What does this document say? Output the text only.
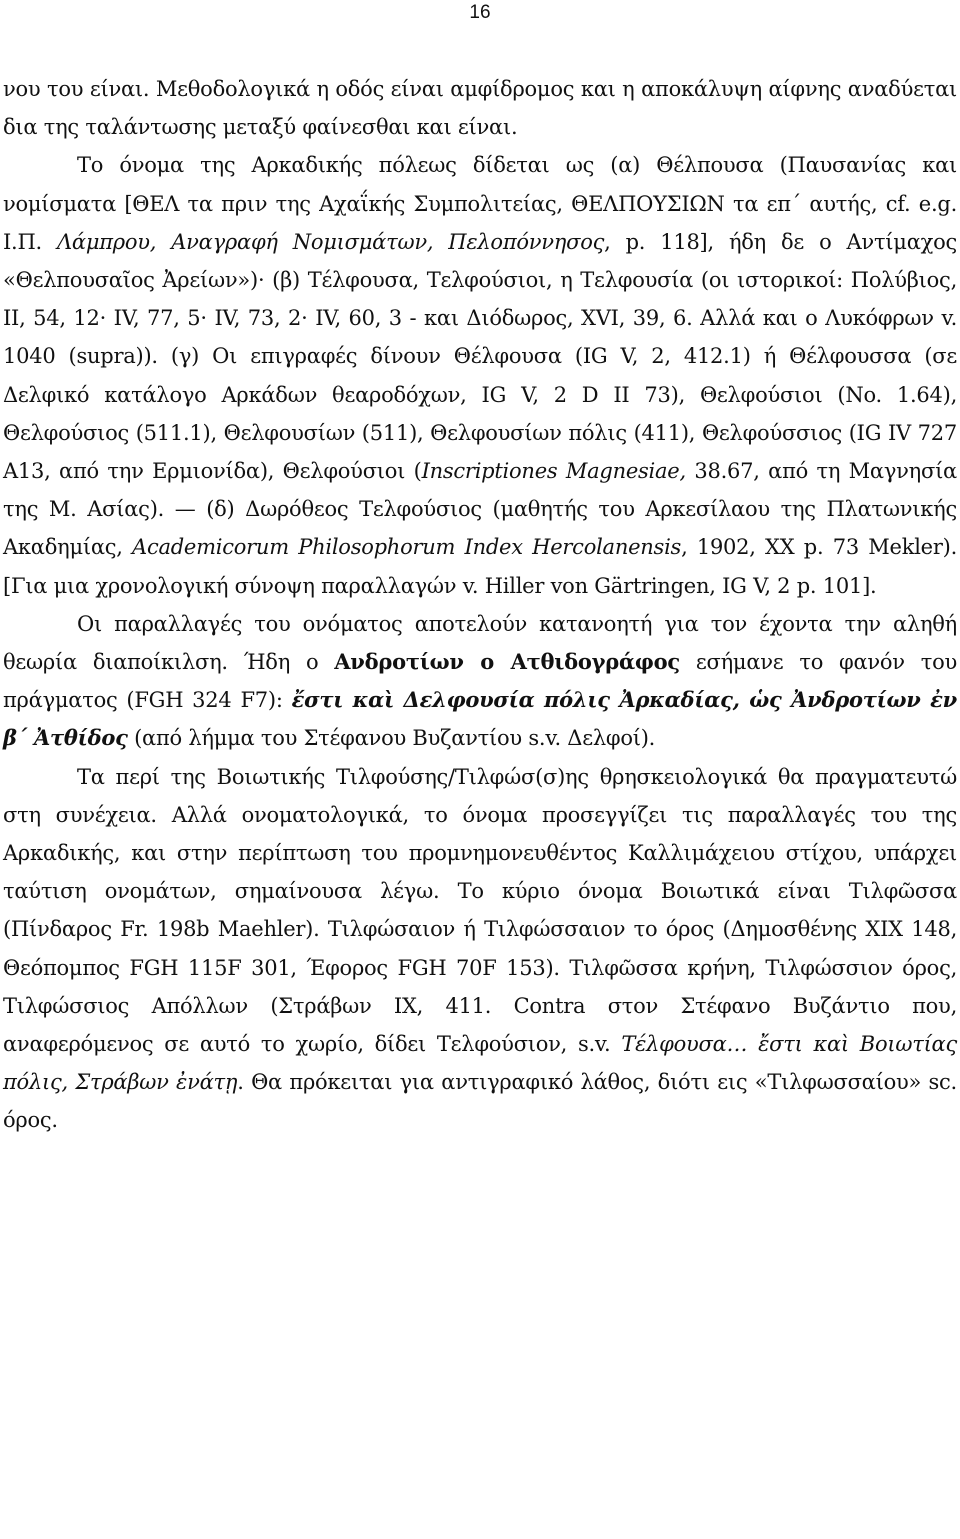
16

νου του είναι. Μεθοδολογικά η οδός είναι αμφίδρομος και η αποκάλυψη αίφνης αναδύεται δια της ταλάντωσης μεταξύ φαίνεσθαι και είναι.

Το όνομα της Αρκαδικής πόλεως δίδεται ως (α) Θέλπουσα (Παυσανίας και νομίσματα [ΘΕΛ τα πριν της Αχαΐκής Συμπολιτείας, ΘΕΛΠΟΥΣΙΩΝ τα επ΄ αυτής, cf. e.g. Ι.Π. Λάμπρου, Αναγραφή Νομισμάτων, Πελοπόννησος, p. 118], ήδη δε ο Αντίμαχος «Θελπουσαῖος Ἀρείων»)· (β) Τέλφουσα, Τελφούσιοι, η Τελφουσία (οι ιστορικοί: Πολύβιος, II, 54, 12· IV, 77, 5· IV, 73, 2· IV, 60, 3 - και Διόδωρος, XVI, 39, 6. Αλλά και ο Λυκόφρων v. 1040 (supra)). (γ) Οι επιγραφές δίνουν Θέλφουσα (IG V, 2, 412.1) ή Θέλφουσσα (σε Δελφικό κατάλογο Αρκάδων θεαροδόχων, IG V, 2 D II 73), Θελφούσιοι (No. 1.64), Θελφούσιος (511.1), Θελφουσίων (511), Θελφουσίων πόλις (411), Θελφούσσιος (IG IV 727 A13, από την Ερμιονίδα), Θελφούσιοι (Inscriptiones Magnesiae, 38.67, από τη Μαγνησία της Μ. Ασίας). — (δ) Δωρόθεος Τελφούσιος (μαθητής του Αρκεσίλαου της Πλατωνικής Ακαδημίας, Academicorum Philosophorum Index Hercolanensis, 1902, XX p. 73 Mekler). [Για μια χρονολογική σύνοψη παραλλαγών v. Hiller von Gärtringen, IG V, 2 p. 101].

Οι παραλλαγές του ονόματος αποτελούν κατανοητή για τον έχοντα την αληθή θεωρία διαποίκιλση. Ήδη ο Ανδροτίων ο Ατθιδογράφος εσήμανε το φανόν του πράγματος (FGH 324 F7): ἔστι καὶ Δελφουσία πόλις Ἀρκαδίας, ὡς Ἀνδροτίων ἐν β΄ Ἀτθίδος (από λήμμα του Στέφανου Βυζαντίου s.v. Δελφοί).

Τα περί της Βοιωτικής Τιλφούσης/Τιλφώσ(σ)ης θρησκειολογικά θα πραγματευτώ στη συνέχεια. Αλλά ονοματολογικά, το όνομα προσεγγίζει τις παραλλαγές του της Αρκαδικής, και στην περίπτωση του προμνημονευθέντος Καλλιμάχειου στίχου, υπάρχει ταύτιση ονομάτων, σημαίνουσα λέγω. Το κύριο όνομα Βοιωτικά είναι Τιλφῶσσα (Πίνδαρος Fr. 198b Maehler). Τιλφώσαιον ή Τιλφώσσαιον το όρος (Δημοσθένης XIX 148, Θεόπομπος FGH 115F 301, Έφορος FGH 70F 153). Τιλφῶσσα κρήνη, Τιλφώσσιον όρος, Τιλφώσσιος Απόλλων (Στράβων IX, 411. Contra στον Στέφανο Βυζάντιο που, αναφερόμενος σε αυτό το χωρίο, δίδει Τελφούσιον, s.v. Τέλφουσα… ἔστι καὶ Βοιωτίας πόλις, Στράβων ἐνάτῃ. Θα πρόκειται για αντιγραφικό λάθος, διότι εις «Τιλφωσσαίου» sc. όρος.
